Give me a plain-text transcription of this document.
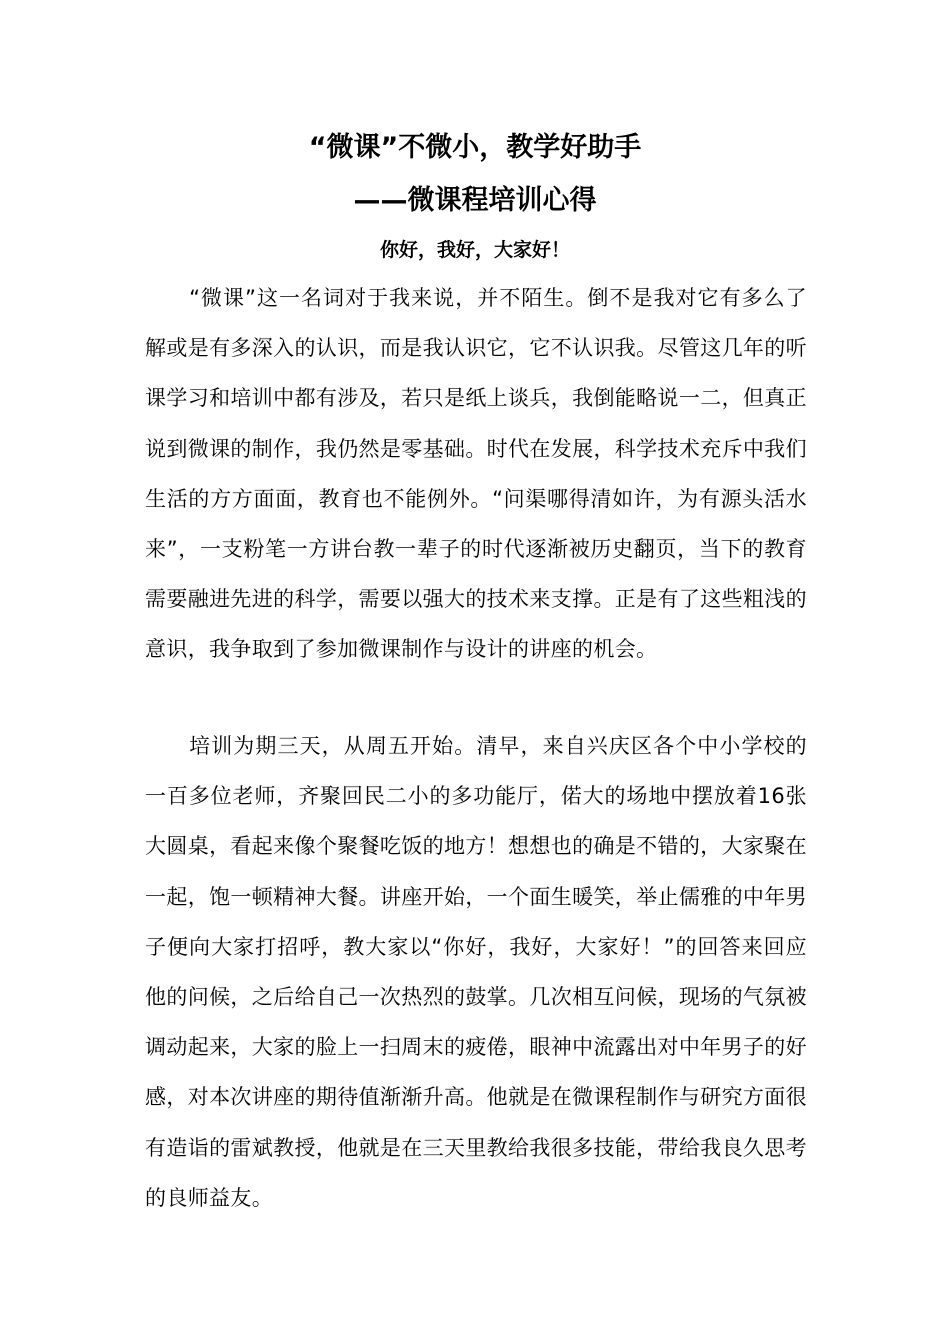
“微课”不微小，教学好助手
——微课程培训心得
你好，我好，大家好！

“微课”这一名词对于我来说，并不陌生。倒不是我对它有多么了解或是有多深入的认识，而是我认识它，它不认识我。尽管这几年的听课学习和培训中都有涉及，若只是纸上谈兵，我倒能略说一二，但真正说到微课的制作，我仍然是零基础。时代在发展，科学技术充斥中我们生活的方方面面，教育也不能例外。“问渠哪得清如许，为有源头活水来”，一支粉笔一方讲台教一辈子的时代逐渐被历史翻页，当下的教育需要融进先进的科学，需要以强大的技术来支撑。正是有了这些粗浅的意识，我争取到了参加微课制作与设计的讲座的机会。

培训为期三天，从周五开始。清早，来自兴庆区各个中小学校的一百多位老师，齐聚回民二小的多功能厅，偌大的场地中摆放着16张大圆桌，看起来像个聚餐吃饭的地方！想想也的确是不错的，大家聚在一起，饱一顿精神大餐。讲座开始，一个面生暖笑，举止儒雅的中年男子便向大家打招呼，教大家以“你好，我好，大家好！”的回答来回应他的问候，之后给自己一次热烈的鼓掌。几次相互问候，现场的气氛被调动起来，大家的脸上一扫周末的疲倦，眼神中流露出对中年男子的好感，对本次讲座的期待值渐渐升高。他就是在微课程制作与研究方面很有造诣的雷斌教授，他就是在三天里教给我很多技能，带给我良久思考的良师益友。
